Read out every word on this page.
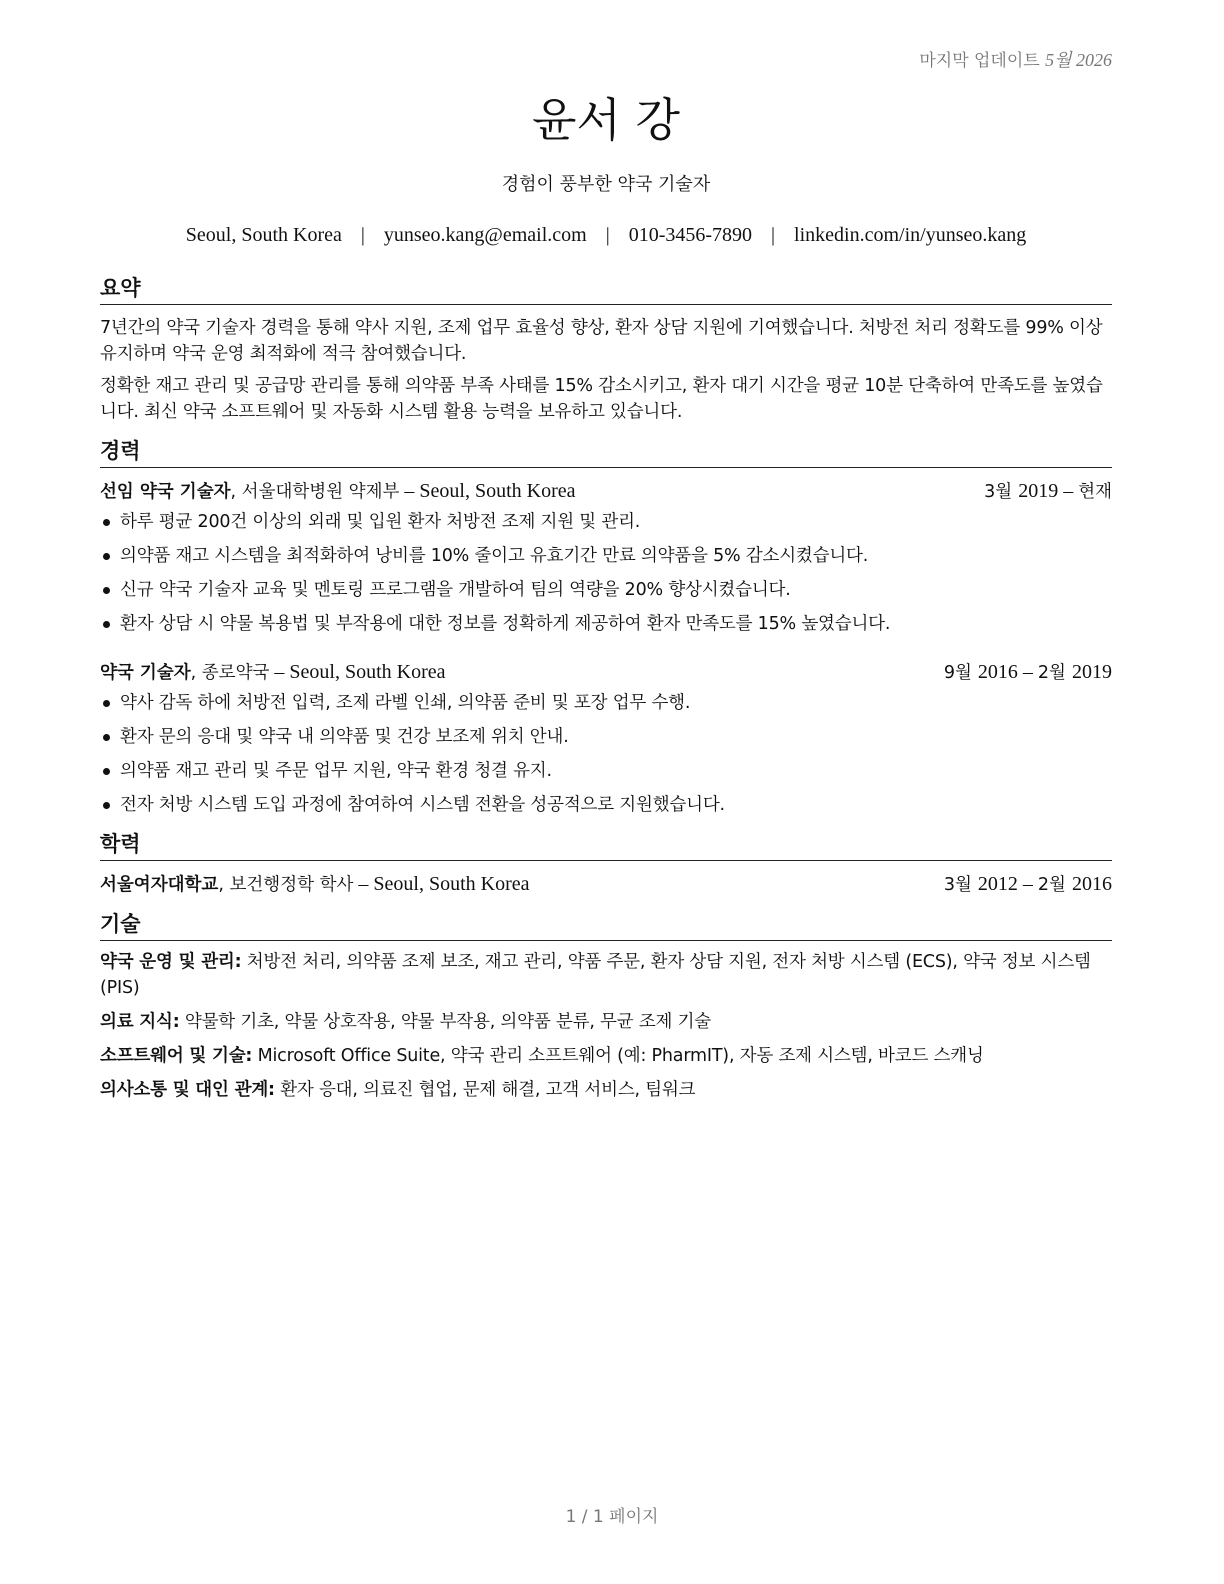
마지막 업데이트 5월 2026
윤서 강
경험이 풍부한 약국 기술자
Seoul, South Korea | yunseo.kang@email.com | 010-3456-7890 | linkedin.com/in/yunseo.kang
요약

7년간의 약국 기술자 경력을 통해 약사 지원, 조제 업무 효율성 향상, 환자 상담 지원에 기여했습니다. 처방전 처리 정확도를 99% 이상 유지하며 약국 운영 최적화에 적극 참여했습니다.

정확한 재고 관리 및 공급망 관리를 통해 의약품 부족 사태를 15% 감소시키고, 환자 대기 시간을 평균 10분 단축하여 만족도를 높였습니다. 최신 약국 소프트웨어 및 자동화 시스템 활용 능력을 보유하고 있습니다.

경력
선임 약국 기술자, 서울대학병원 약제부 – Seoul, South Korea	3월 2019 – 현재
하루 평균 200건 이상의 외래 및 입원 환자 처방전 조제 지원 및 관리.
의약품 재고 시스템을 최적화하여 낭비를 10% 줄이고 유효기간 만료 의약품을 5% 감소시켰습니다.
신규 약국 기술자 교육 및 멘토링 프로그램을 개발하여 팀의 역량을 20% 향상시켰습니다.
환자 상담 시 약물 복용법 및 부작용에 대한 정보를 정확하게 제공하여 환자 만족도를 15% 높였습니다.
약국 기술자, 종로약국 – Seoul, South Korea	9월 2016 – 2월 2019
약사 감독 하에 처방전 입력, 조제 라벨 인쇄, 의약품 준비 및 포장 업무 수행.
환자 문의 응대 및 약국 내 의약품 및 건강 보조제 위치 안내.
의약품 재고 관리 및 주문 업무 지원, 약국 환경 청결 유지.
전자 처방 시스템 도입 과정에 참여하여 시스템 전환을 성공적으로 지원했습니다.
학력
서울여자대학교, 보건행정학 학사 – Seoul, South Korea	3월 2012 – 2월 2016
기술
약국 운영 및 관리: 처방전 처리, 의약품 조제 보조, 재고 관리, 약품 주문, 환자 상담 지원, 전자 처방 시스템 (ECS), 약국 정보 시스템 (PIS)
의료 지식: 약물학 기초, 약물 상호작용, 약물 부작용, 의약품 분류, 무균 조제 기술
소프트웨어 및 기술: Microsoft Office Suite, 약국 관리 소프트웨어 (예: PharmIT), 자동 조제 시스템, 바코드 스캐닝
의사소통 및 대인 관계: 환자 응대, 의료진 협업, 문제 해결, 고객 서비스, 팀워크
1 / 1 페이지
